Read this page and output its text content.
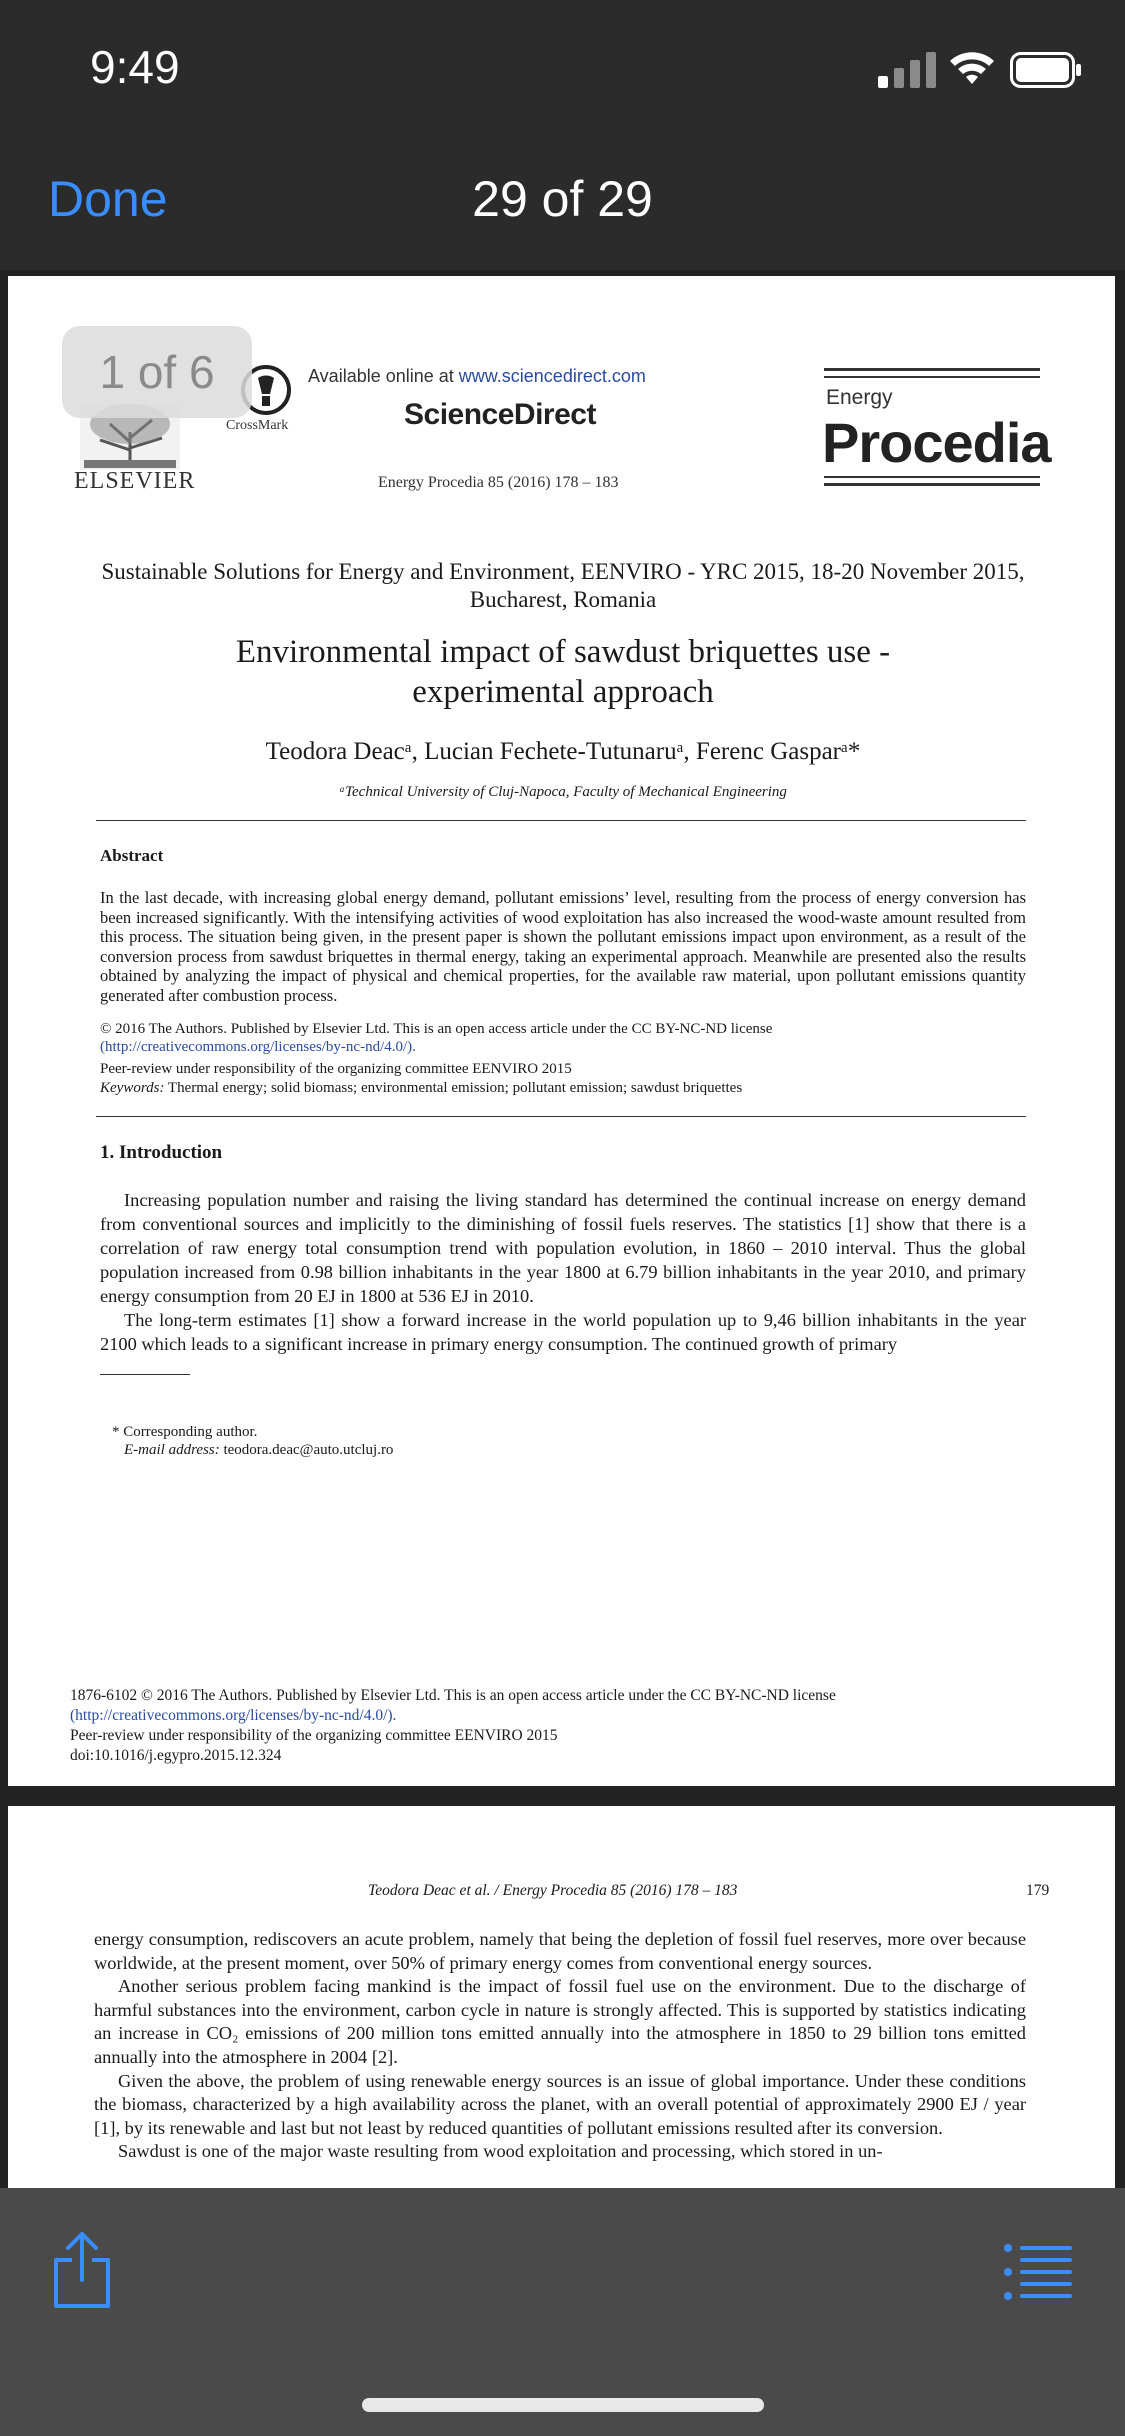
9:49
Done	29 of 29
ELSEVIER
CrossMark
Available online at www.sciencedirect.com
ScienceDirect
Energy Procedia 85 (2016) 178 – 183
Energy
Procedia
1 of 6
Sustainable Solutions for Energy and Environment, EENVIRO - YRC 2015, 18-20 November 2015, Bucharest, Romania
Environmental impact of sawdust briquettes use - experimental approach
Teodora Deacᵃ, Lucian Fechete-Tutunaruᵃ, Ferenc Gasparᵃ*
ᵃTechnical University of Cluj-Napoca, Faculty of Mechanical Engineering
Abstract
In the last decade, with increasing global energy demand, pollutant emissions’ level, resulting from the process of energy conversion has been increased significantly. With the intensifying activities of wood exploitation has also increased the wood-waste amount resulted from this process. The situation being given, in the present paper is shown the pollutant emissions impact upon environment, as a result of the conversion process from sawdust briquettes in thermal energy, taking an experimental approach. Meanwhile are presented also the results obtained by analyzing the impact of physical and chemical properties, for the available raw material, upon pollutant emissions quantity generated after combustion process.
© 2016 The Authors. Published by Elsevier Ltd. This is an open access article under the CC BY-NC-ND license
(http://creativecommons.org/licenses/by-nc-nd/4.0/).
Peer-review under responsibility of the organizing committee EENVIRO 2015
Keywords: Thermal energy; solid biomass; environmental emission; pollutant emission; sawdust briquettes
1. Introduction

Increasing population number and raising the living standard has determined the continual increase on energy demand from conventional sources and implicitly to the diminishing of fossil fuels reserves. The statistics [1] show that there is a correlation of raw energy total consumption trend with population evolution, in 1860 – 2010 interval. Thus the global population increased from 0.98 billion inhabitants in the year 1800 at 6.79 billion inhabitants in the year 2010, and primary energy consumption from 20 EJ in 1800 at 536 EJ in 2010.

The long-term estimates [1] show a forward increase in the world population up to 9,46 billion inhabitants in the year 2100 which leads to a significant increase in primary energy consumption. The continued growth of primary

* Corresponding author.
E-mail address: teodora.deac@auto.utcluj.ro
1876-6102 © 2016 The Authors. Published by Elsevier Ltd. This is an open access article under the CC BY-NC-ND license
(http://creativecommons.org/licenses/by-nc-nd/4.0/).
Peer-review under responsibility of the organizing committee EENVIRO 2015
doi:10.1016/j.egypro.2015.12.324
Teodora Deac et al. / Energy Procedia 85 (2016) 178 – 183	179

energy consumption, rediscovers an acute problem, namely that being the depletion of fossil fuel reserves, more over because worldwide, at the present moment, over 50% of primary energy comes from conventional energy sources.

Another serious problem facing mankind is the impact of fossil fuel use on the environment. Due to the discharge of harmful substances into the environment, carbon cycle in nature is strongly affected. This is supported by statistics indicating an increase in CO₂ emissions of 200 million tons emitted annually into the atmosphere in 1850 to 29 billion tons emitted annually into the atmosphere in 2004 [2].

Given the above, the problem of using renewable energy sources is an issue of global importance. Under these conditions the biomass, characterized by a high availability across the planet, with an overall potential of approximately 2900 EJ / year [1], by its renewable and last but not least by reduced quantities of pollutant emissions resulted after its conversion.

Sawdust is one of the major waste resulting from wood exploitation and processing, which stored in un-
